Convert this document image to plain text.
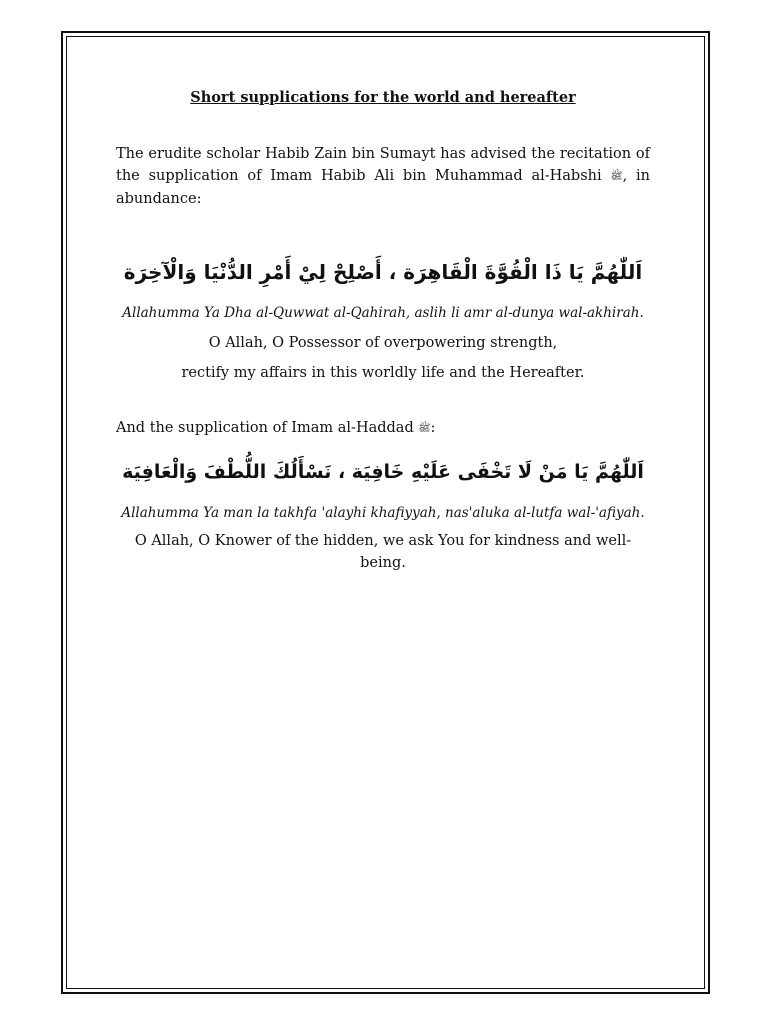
Short supplications for the world and hereafter

The erudite scholar Habib Zain bin Sumayt has advised the recitation of the supplication of Imam Habib Ali bin Muhammad al-Habshi ﷺ, in abundance:

اَللّٰهُمَّ يَا ذَا الْقُوَّةَ الْقَاهِرَة ، أَصْلِحْ لِيْ أَمْرِ الدُّنْيَا وَالْآخِرَة

Allahumma Ya Dha al-Quwwat al-Qahirah, aslih li amr al-dunya wal-akhirah.

O Allah, O Possessor of overpowering strength,

rectify my affairs in this worldly life and the Hereafter.

And the supplication of Imam al-Haddad ﷺ:

اَللّٰهُمَّ يَا مَنْ لَا تَخْفَى عَلَيْهِ خَافِيَة ، نَسْأَلُكَ اللُّطْفَ وَالْعَافِيَة

Allahumma Ya man la takhfa 'alayhi khafiyyah, nas'aluka al-lutfa wal-'afiyah.

O Allah, O Knower of the hidden, we ask You for kindness and well-being.
